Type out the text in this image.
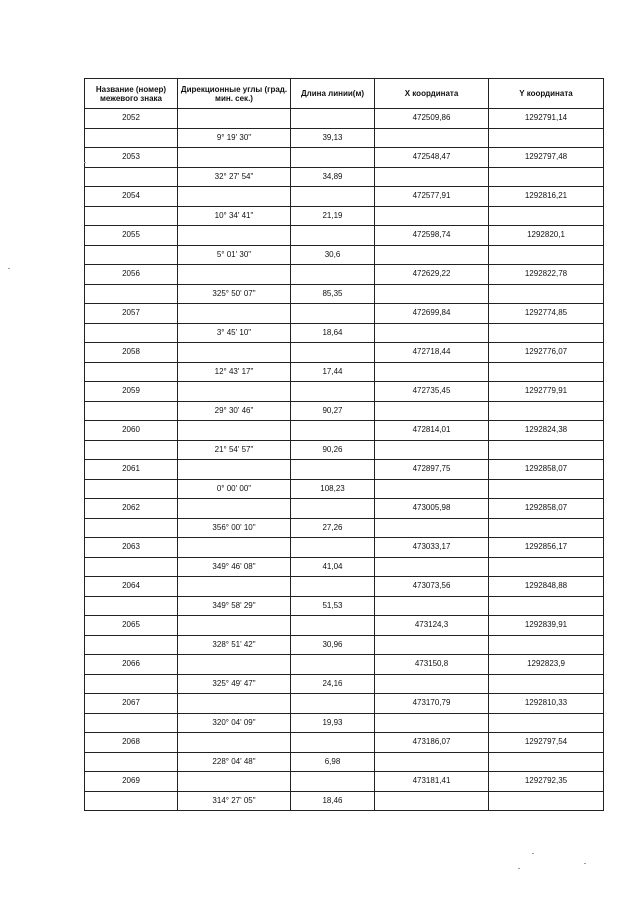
Название (номер) межевого знака	Дирекционные углы (град. мин. сек.)	Длина линии(м)	X координата	Y координата
2052			472509,86	1292791,14
	9° 19' 30"	39,13		
2053			472548,47	1292797,48
	32° 27' 54"	34,89		
2054			472577,91	1292816,21
	10° 34' 41"	21,19		
2055			472598,74	1292820,1
	5° 01' 30"	30,6		
2056			472629,22	1292822,78
	325° 50' 07"	85,35		
2057			472699,84	1292774,85
	3° 45' 10"	18,64		
2058			472718,44	1292776,07
	12° 43' 17"	17,44		
2059			472735,45	1292779,91
	29° 30' 46"	90,27		
2060			472814,01	1292824,38
	21° 54' 57"	90,26		
2061			472897,75	1292858,07
	0° 00' 00"	108,23		
2062			473005,98	1292858,07
	356° 00' 10"	27,26		
2063			473033,17	1292856,17
	349° 46' 08"	41,04		
2064			473073,56	1292848,88
	349° 58' 29"	51,53		
2065			473124,3	1292839,91
	328° 51' 42"	30,96		
2066			473150,8	1292823,9
	325° 49' 47"	24,16		
2067			473170,79	1292810,33
	320° 04' 09"	19,93		
2068			473186,07	1292797,54
	228° 04' 48"	6,98		
2069			473181,41	1292792,35
	314° 27' 05"	18,46		
